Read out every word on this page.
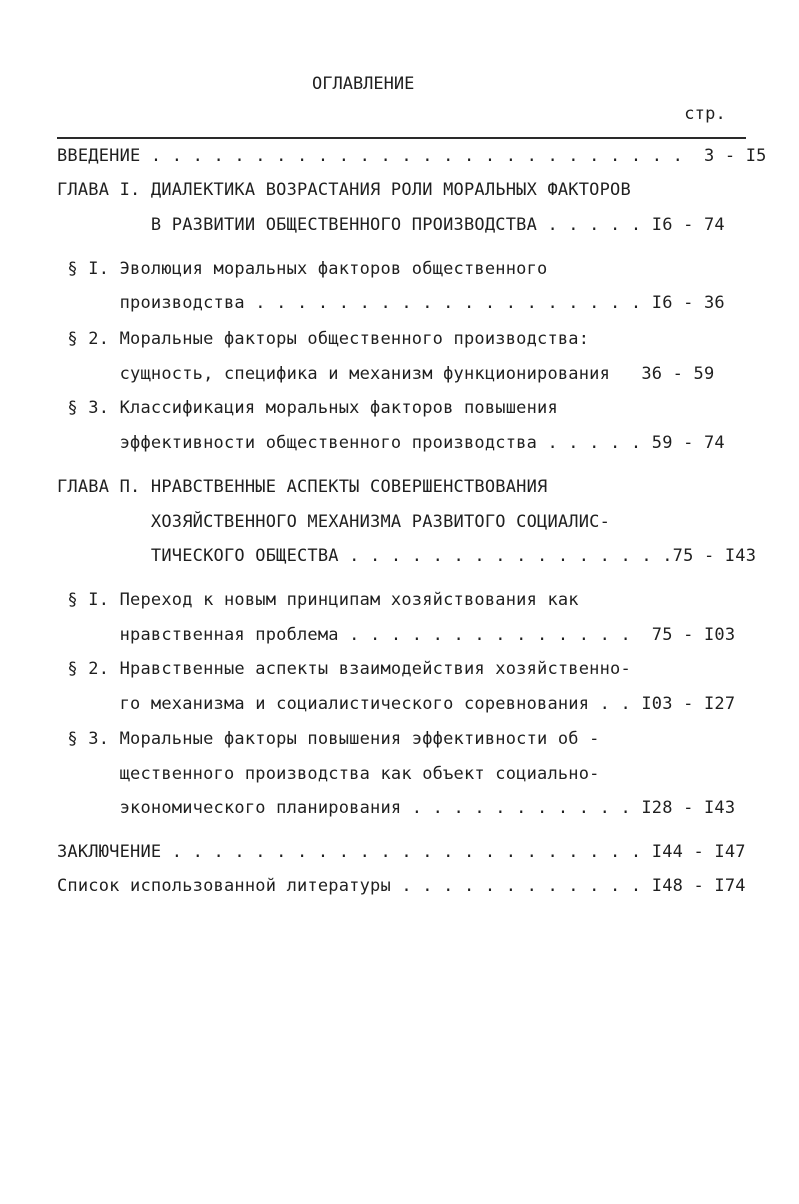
ОГЛАВЛЕНИЕ
стр.
ВВЕДЕНИЕ . . . . . . . . . . . . . . . . . . . . . . . . . .  3 - I5
ГЛАВА I. ДИАЛЕКТИКА ВОЗРАСТАНИЯ РОЛИ МОРАЛЬНЫХ ФАКТОРОВ
В РАЗВИТИИ ОБЩЕСТВЕННОГО ПРОИЗВОДСТВА . . . . . I6 - 74
§ I. Эволюция моральных факторов общественного
производства . . . . . . . . . . . . . . . . . . . I6 - 36
§ 2. Моральные факторы общественного производства:
сущность, специфика и механизм функционирования   36 - 59
§ 3. Классификация моральных факторов повышения
эффективности общественного производства . . . . . 59 - 74
ГЛАВА П. НРАВСТВЕННЫЕ АСПЕКТЫ СОВЕРШЕНСТВОВАНИЯ
ХОЗЯЙСТВЕННОГО МЕХАНИЗМА РАЗВИТОГО СОЦИАЛИС-
ТИЧЕСКОГО ОБЩЕСТВА . . . . . . . . . . . . . . . .75 - I43
§ I. Переход к новым принципам хозяйствования как
нравственная проблема . . . . . . . . . . . . . .  75 - I03
§ 2. Нравственные аспекты взаимодействия хозяйственно-
го механизма и социалистического соревнования . . I03 - I27
§ 3. Моральные факторы повышения эффективности об -
щественного производства как объект социально-
экономического планирования . . . . . . . . . . . I28 - I43
ЗАКЛЮЧЕНИЕ . . . . . . . . . . . . . . . . . . . . . . . I44 - I47
Список использованной литературы . . . . . . . . . . . . I48 - I74
